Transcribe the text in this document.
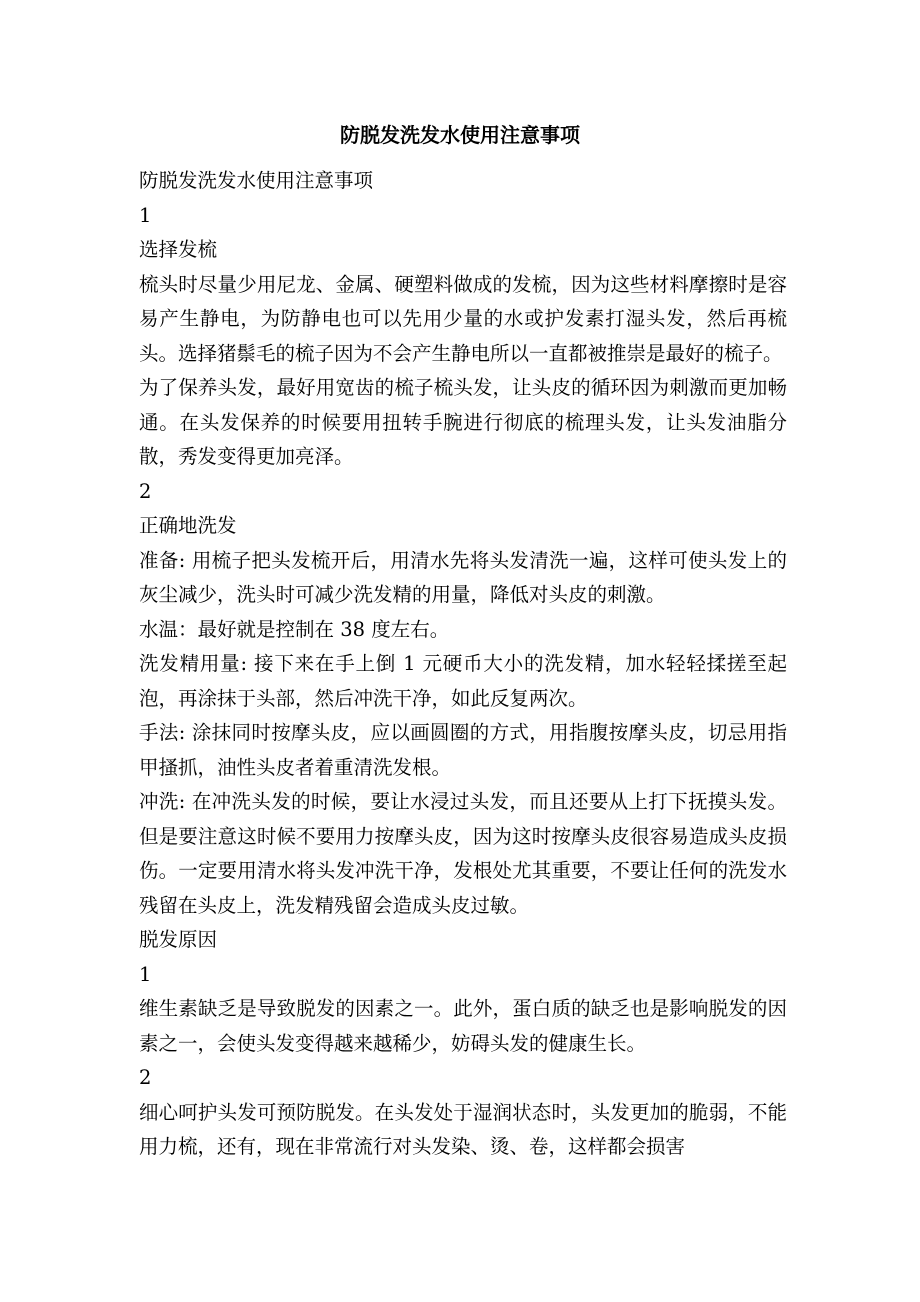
防脱发洗发水使用注意事项

防脱发洗发水使用注意事项

1

选择发梳

梳头时尽量少用尼龙、金属、硬塑料做成的发梳，因为这些材料摩擦时是容易产生静电，为防静电也可以先用少量的水或护发素打湿头发，然后再梳头。选择猪鬃毛的梳子因为不会产生静电所以一直都被推崇是最好的梳子。

为了保养头发，最好用宽齿的梳子梳头发，让头皮的循环因为刺激而更加畅通。在头发保养的时候要用扭转手腕进行彻底的梳理头发，让头发油脂分散，秀发变得更加亮泽。

2

正确地洗发

准备: 用梳子把头发梳开后，用清水先将头发清洗一遍，这样可使头发上的灰尘减少，洗头时可减少洗发精的用量，降低对头皮的刺激。

水温：最好就是控制在 38 度左右。

洗发精用量: 接下来在手上倒 1 元硬币大小的洗发精，加水轻轻揉搓至起泡，再涂抹于头部，然后冲洗干净，如此反复两次。

手法: 涂抹同时按摩头皮，应以画圆圈的方式，用指腹按摩头皮，切忌用指甲搔抓，油性头皮者着重清洗发根。

冲洗: 在冲洗头发的时候，要让水浸过头发，而且还要从上打下抚摸头发。但是要注意这时候不要用力按摩头皮，因为这时按摩头皮很容易造成头皮损伤。一定要用清水将头发冲洗干净，发根处尤其重要，不要让任何的洗发水残留在头皮上，洗发精残留会造成头皮过敏。

脱发原因

1

维生素缺乏是导致脱发的因素之一。此外，蛋白质的缺乏也是影响脱发的因素之一，会使头发变得越来越稀少，妨碍头发的健康生长。

2

细心呵护头发可预防脱发。在头发处于湿润状态时，头发更加的脆弱，不能用力梳，还有，现在非常流行对头发染、烫、卷，这样都会损害
